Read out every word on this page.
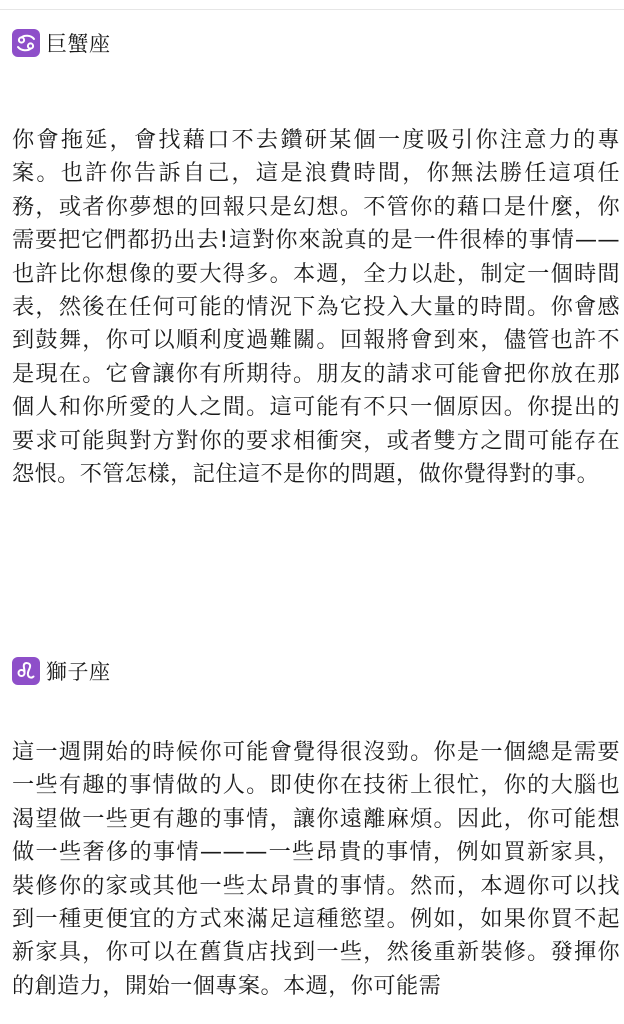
巨蟹座

你會拖延，會找藉口不去鑽研某個一度吸引你注意力的專案。也許你告訴自己，這是浪費時間，你無法勝任這項任務，或者你夢想的回報只是幻想。不管你的藉口是什麼，你需要把它們都扔出去!這對你來說真的是一件很棒的事情——也許比你想像的要大得多。本週，全力以赴，制定一個時間表，然後在任何可能的情況下為它投入大量的時間。你會感到鼓舞，你可以順利度過難關。回報將會到來，儘管也許不是現在。它會讓你有所期待。朋友的請求可能會把你放在那個人和你所愛的人之間。這可能有不只一個原因。你提出的要求可能與對方對你的要求相衝突，或者雙方之間可能存在怨恨。不管怎樣，記住這不是你的問題，做你覺得對的事。

獅子座

這一週開始的時候你可能會覺得很沒勁。你是一個總是需要一些有趣的事情做的人。即使你在技術上很忙，你的大腦也渴望做一些更有趣的事情，讓你遠離麻煩。因此，你可能想做一些奢侈的事情———一些昂貴的事情，例如買新家具，裝修你的家或其他一些太昂貴的事情。然而，本週你可以找到一種更便宜的方式來滿足這種慾望。例如，如果你買不起新家具，你可以在舊貨店找到一些，然後重新裝修。發揮你的創造力，開始一個專案。本週，你可能需
